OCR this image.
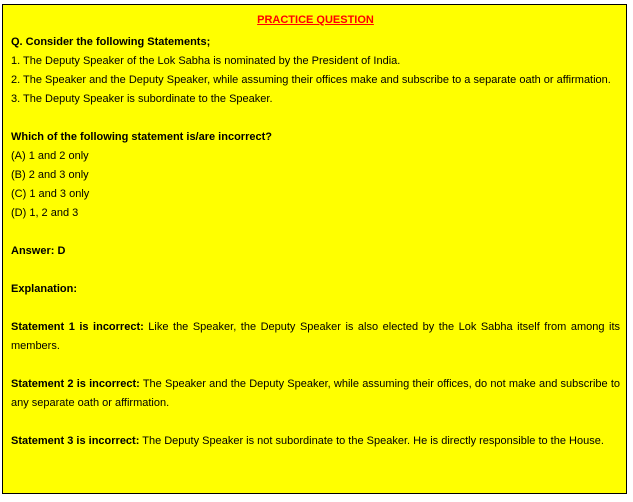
PRACTICE QUESTION
Q. Consider the following Statements;
1. The Deputy Speaker of the Lok Sabha is nominated by the President of India.
2. The Speaker and the Deputy Speaker, while assuming their offices make and subscribe to a separate oath or affirmation.
3. The Deputy Speaker is subordinate to the Speaker.
Which of the following statement is/are incorrect?
(A) 1 and 2 only
(B) 2 and 3 only
(C) 1 and 3 only
(D) 1, 2 and 3
Answer: D
Explanation:
Statement 1 is incorrect: Like the Speaker, the Deputy Speaker is also elected by the Lok Sabha itself from among its members.
Statement 2 is incorrect: The Speaker and the Deputy Speaker, while assuming their offices, do not make and subscribe to any separate oath or affirmation.
Statement 3 is incorrect: The Deputy Speaker is not subordinate to the Speaker. He is directly responsible to the House.
